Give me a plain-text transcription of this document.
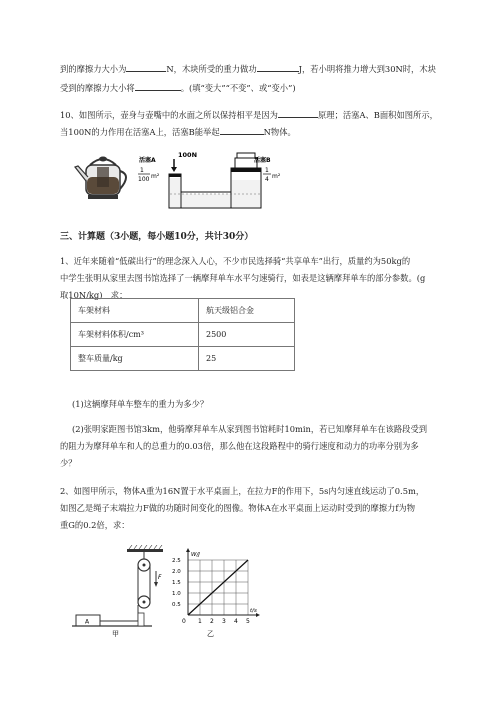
到的摩擦力大小为	N，木块所受的重力做功	J，若小明将推力增大到30N时，木块
受到的摩擦力大小将	。(填“变大”“不变”、或“变小”)
10、如图所示，壶身与壶嘴中的水面之所以保持相平是因为	原理；活塞A、B面积如图所示，
当100N的力作用在活塞A上，活塞B能举起	N物体。
100N
活塞A
1
100 m²
活塞B
1
4 m²
三、计算题（3小题，每小题10分，共计30分）
1、近年来随着“低碳出行”的理念深入人心，不少市民选择骑“共享单车”出行，质量约为50kg的
中学生张明从家里去图书馆选择了一辆摩拜单车水平匀速骑行，如表是这辆摩拜单车的部分参数。(g
取10N/kg)　求：
车架材料	航天级铝合金
车架材料体积/cm³	2500
整车质量/kg	25
(1)这辆摩拜单车整车的重力为多少？
(2)张明家距图书馆3km，他骑摩拜单车从家到图书馆耗时10min，若已知摩拜单车在该路段受到
的阻力为摩拜单车和人的总重力的0.03倍，那么他在这段路程中的骑行速度和动力的功率分别为多
少？
2、如图甲所示，物体A重为16N置于水平桌面上，在拉力F的作用下，5s内匀速直线运动了0.5m，
如图乙是绳子末端拉力F做的功随时间变化的图像。物体A在水平桌面上运动时受到的摩擦力f为物
重G的0.2倍，求：
F
A
甲
1 2 3 4 5
0.5
1.0
1.5
2.0
2.5
0
W/J
t/s
乙
